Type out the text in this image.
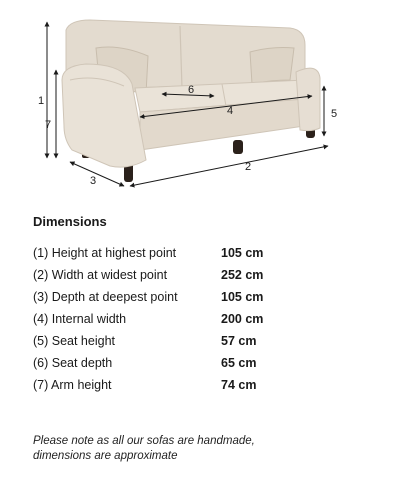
1
7
3
2
4
6
5
Dimensions
(1) Height at highest point	105 cm
(2) Width at widest point	252 cm
(3) Depth at deepest point	105 cm
(4) Internal width	200 cm
(5) Seat height	57 cm
(6) Seat depth	65 cm
(7) Arm height	74 cm
Please note as all our sofas are handmade,
dimensions are approximate
